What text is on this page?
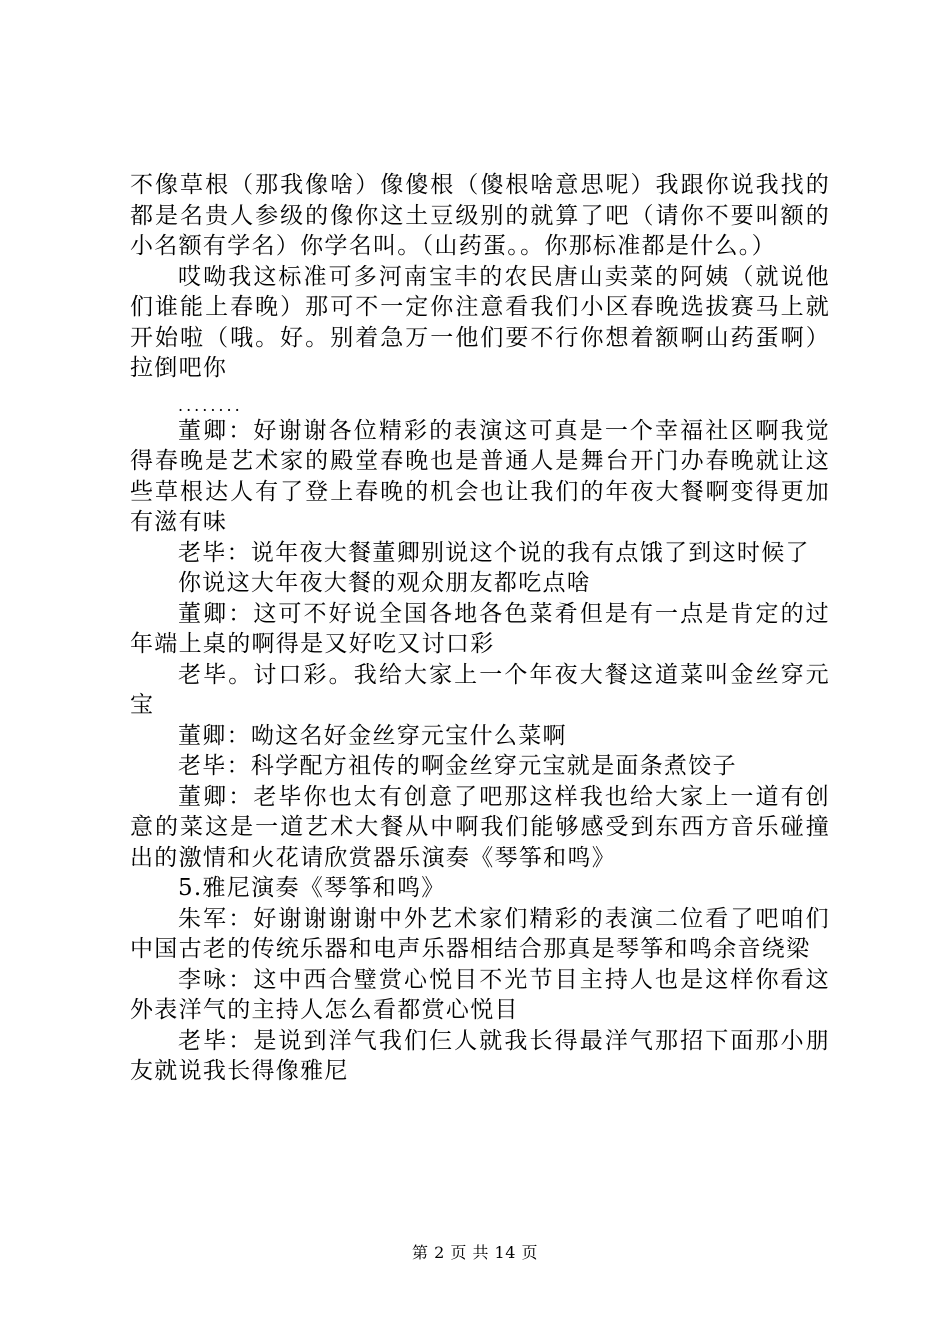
不像草根（那我像啥）像傻根（傻根啥意思呢）我跟你说我找的都是名贵人参级的像你这土豆级别的就算了吧（请你不要叫额的小名额有学名）你学名叫。（山药蛋。。你那标准都是什么。）

哎呦我这标准可多河南宝丰的农民唐山卖菜的阿姨（就说他们谁能上春晚）那可不一定你注意看我们小区春晚选拔赛马上就开始啦（哦。好。别着急万一他们要不行你想着额啊山药蛋啊）拉倒吧你

........

董卿：好谢谢各位精彩的表演这可真是一个幸福社区啊我觉得春晚是艺术家的殿堂春晚也是普通人是舞台开门办春晚就让这些草根达人有了登上春晚的机会也让我们的年夜大餐啊变得更加有滋有味

老毕：说年夜大餐董卿别说这个说的我有点饿了到这时候了

你说这大年夜大餐的观众朋友都吃点啥

董卿：这可不好说全国各地各色菜肴但是有一点是肯定的过年端上桌的啊得是又好吃又讨口彩

老毕。讨口彩。我给大家上一个年夜大餐这道菜叫金丝穿元宝

董卿：呦这名好金丝穿元宝什么菜啊

老毕：科学配方祖传的啊金丝穿元宝就是面条煮饺子

董卿：老毕你也太有创意了吧那这样我也给大家上一道有创意的菜这是一道艺术大餐从中啊我们能够感受到东西方音乐碰撞出的激情和火花请欣赏器乐演奏《琴筝和鸣》

5.雅尼演奏《琴筝和鸣》

朱军：好谢谢谢谢中外艺术家们精彩的表演二位看了吧咱们中国古老的传统乐器和电声乐器相结合那真是琴筝和鸣余音绕梁

李咏：这中西合璧赏心悦目不光节目主持人也是这样你看这外表洋气的主持人怎么看都赏心悦目

老毕：是说到洋气我们仨人就我长得最洋气那招下面那小朋友就说我长得像雅尼

第 2 页 共 14 页
